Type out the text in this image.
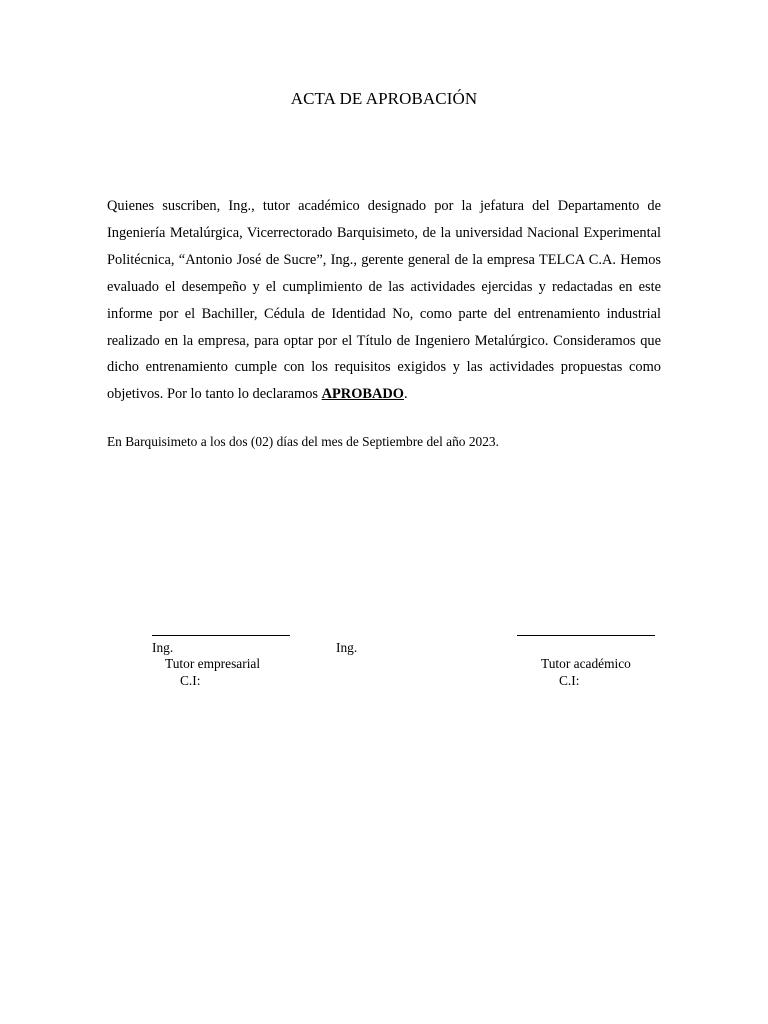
ACTA DE APROBACIÓN
Quienes suscriben, Ing., tutor académico designado por la jefatura del Departamento de Ingeniería Metalúrgica, Vicerrectorado Barquisimeto, de la universidad Nacional Experimental Politécnica, “Antonio José de Sucre”, Ing., gerente general de la empresa TELCA C.A. Hemos evaluado el desempeño y el cumplimiento de las actividades ejercidas y redactadas en este informe por el Bachiller, Cédula de Identidad No, como parte del entrenamiento industrial realizado en la empresa, para optar por el Título de Ingeniero Metalúrgico. Consideramos que dicho entrenamiento cumple con los requisitos exigidos y las actividades propuestas como objetivos. Por lo tanto lo declaramos APROBADO.
En Barquisimeto a los dos (02) días del mes de Septiembre del año 2023.
Ing.
Tutor empresarial
C.I:
Ing.
Tutor académico
C.I:
